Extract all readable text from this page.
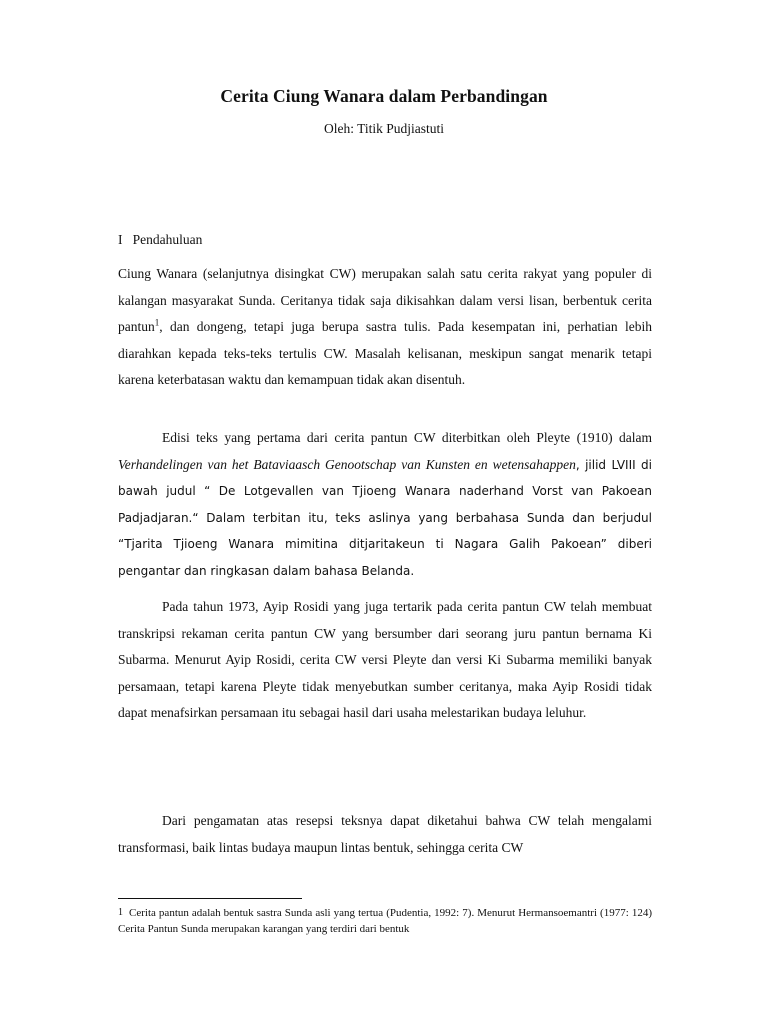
Cerita Ciung Wanara dalam Perbandingan
Oleh: Titik Pudjiastuti
I   Pendahuluan

Ciung Wanara (selanjutnya disingkat CW) merupakan salah satu cerita rakyat yang populer di kalangan masyarakat Sunda. Ceritanya tidak saja dikisahkan dalam versi lisan, berbentuk cerita pantun$^1$, dan dongeng, tetapi juga berupa sastra tulis. Pada kesempatan ini, perhatian lebih diarahkan kepada teks-teks tertulis CW. Masalah kelisanan, meskipun sangat menarik tetapi karena keterbatasan waktu dan kemampuan tidak akan disentuh.

Edisi teks yang pertama dari cerita pantun CW diterbitkan oleh Pleyte (1910) dalam Verhandelingen van het Bataviaasch Genootschap van Kunsten en wetensahappen, jilid LVIII di bawah judul “ De Lotgevallen van Tjioeng Wanara naderhand Vorst van Pakoean Padjadjaran.“ Dalam terbitan itu, teks aslinya yang berbahasa Sunda dan berjudul “Tjarita Tjioeng Wanara mimitina ditjaritakeun ti Nagara Galih Pakoean” diberi pengantar dan ringkasan dalam bahasa Belanda.

Pada tahun 1973, Ayip Rosidi yang juga tertarik pada cerita pantun CW telah membuat transkripsi rekaman cerita pantun CW yang bersumber dari seorang juru pantun bernama Ki Subarma. Menurut Ayip Rosidi, cerita CW versi Pleyte dan versi Ki Subarma memiliki banyak persamaan, tetapi karena Pleyte tidak menyebutkan sumber ceritanya, maka Ayip Rosidi tidak dapat menafsirkan persamaan itu sebagai hasil dari usaha melestarikan budaya leluhur.

Dari pengamatan atas resepsi teksnya dapat diketahui bahwa CW telah mengalami transformasi, baik lintas budaya maupun lintas bentuk, sehingga cerita CW

1 Cerita pantun adalah bentuk sastra Sunda asli yang tertua (Pudentia, 1992: 7). Menurut Hermansoemantri (1977: 124) Cerita Pantun Sunda merupakan karangan yang terdiri dari bentuk
